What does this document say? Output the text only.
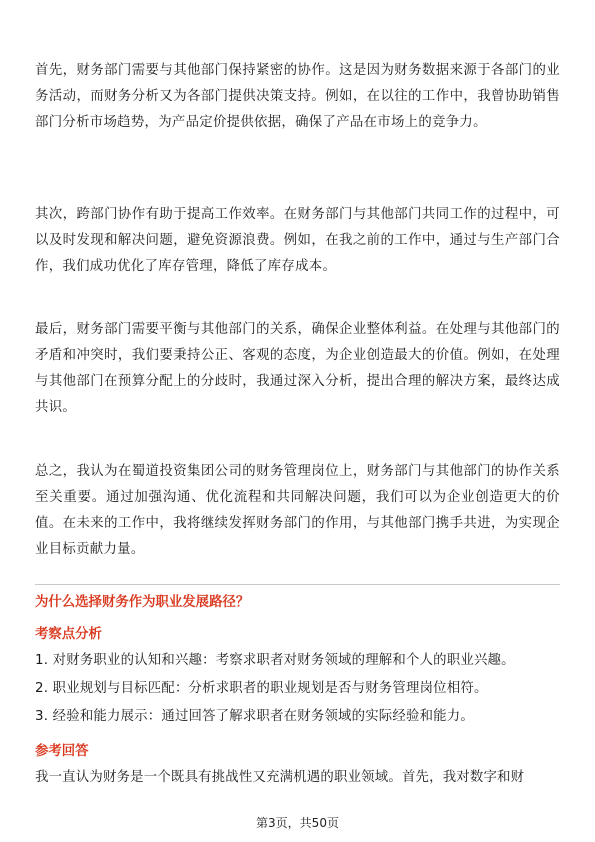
首先，财务部门需要与其他部门保持紧密的协作。这是因为财务数据来源于各部门的业务活动，而财务分析又为各部门提供决策支持。例如，在以往的工作中，我曾协助销售部门分析市场趋势，为产品定价提供依据，确保了产品在市场上的竞争力。

其次，跨部门协作有助于提高工作效率。在财务部门与其他部门共同工作的过程中，可以及时发现和解决问题，避免资源浪费。例如，在我之前的工作中，通过与生产部门合作，我们成功优化了库存管理，降低了库存成本。

最后，财务部门需要平衡与其他部门的关系，确保企业整体利益。在处理与其他部门的矛盾和冲突时，我们要秉持公正、客观的态度，为企业创造最大的价值。例如，在处理与其他部门在预算分配上的分歧时，我通过深入分析，提出合理的解决方案，最终达成共识。

总之，我认为在蜀道投资集团公司的财务管理岗位上，财务部门与其他部门的协作关系至关重要。通过加强沟通、优化流程和共同解决问题，我们可以为企业创造更大的价值。在未来的工作中，我将继续发挥财务部门的作用，与其他部门携手共进，为实现企业目标贡献力量。

为什么选择财务作为职业发展路径？
考察点分析
1. 对财务职业的认知和兴趣：考察求职者对财务领域的理解和个人的职业兴趣。
2. 职业规划与目标匹配：分析求职者的职业规划是否与财务管理岗位相符。
3. 经验和能力展示：通过回答了解求职者在财务领域的实际经验和能力。
参考回答
我一直认为财务是一个既具有挑战性又充满机遇的职业领域。首先，我对数字和财
第3页，共50页
